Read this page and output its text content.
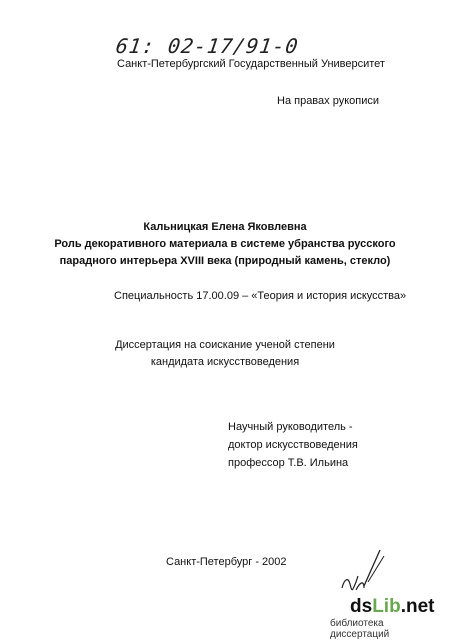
61: 02-17/91-0
Санкт-Петербургский Государственный Университет
На правах рукописи
Кальницкая Елена Яковлевна
Роль декоративного материала в системе убранства русского
парадного интерьера XVIII века (природный камень, стекло)
Специальность 17.00.09 – «Теория и история искусства»
Диссертация на соискание ученой степени
кандидата искусствоведения
Научный руководитель -
доктор искусствоведения
профессор Т.В. Ильина
Санкт-Петербург - 2002
dsLib.net
библиотека диссертаций
